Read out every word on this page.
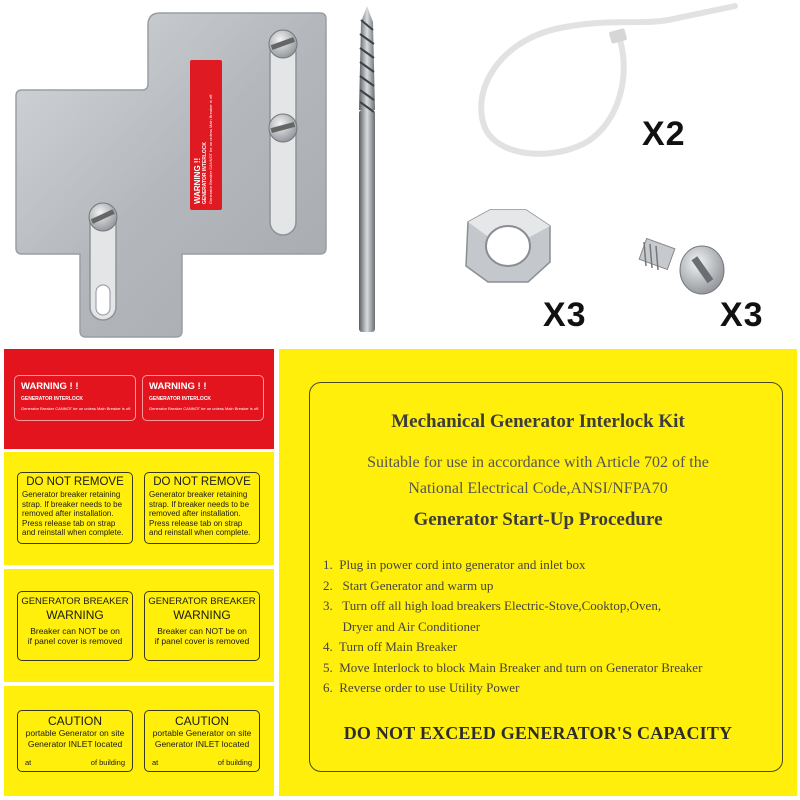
WARNING !! GENERATOR INTERLOCK Generator Breaker CANNOT be on unless Main Breaker is off.	X2
X3	X3
WARNING ! !
GENERATOR INTERLOCK
Generator Breaker CANNOT be on unless Main Breaker is off.
WARNING ! !
GENERATOR INTERLOCK
Generator Breaker CANNOT be on unless Main Breaker is off.
DO NOT REMOVE
Generator breaker retaining strap. If breaker needs to be removed after installation. Press release tab on strap and reinstall when complete.
DO NOT REMOVE
Generator breaker retaining strap. If breaker needs to be removed after installation. Press release tab on strap and reinstall when complete.
GENERATOR BREAKER
WARNING
Breaker can NOT be on
if panel cover is removed
GENERATOR BREAKER
WARNING
Breaker can NOT be on
if panel cover is removed
CAUTION
portable Generator on site
Generator INLET located
at	of building
CAUTION
portable Generator on site
Generator INLET located
at	of building
Mechanical Generator Interlock Kit
Suitable for use in accordance with Article 702 of the
National Electrical Code,ANSI/NFPA70
Generator Start-Up Procedure
1.  Plug in power cord into generator and inlet box
2.   Start Generator and warm up
3.   Turn off all high load breakers Electric-Stove,Cooktop,Oven,
Dryer and Air Conditioner
4.  Turn off Main Breaker
5.  Move Interlock to block Main Breaker and turn on Generator Breaker
6.  Reverse order to use Utility Power
DO NOT EXCEED GENERATOR'S CAPACITY
